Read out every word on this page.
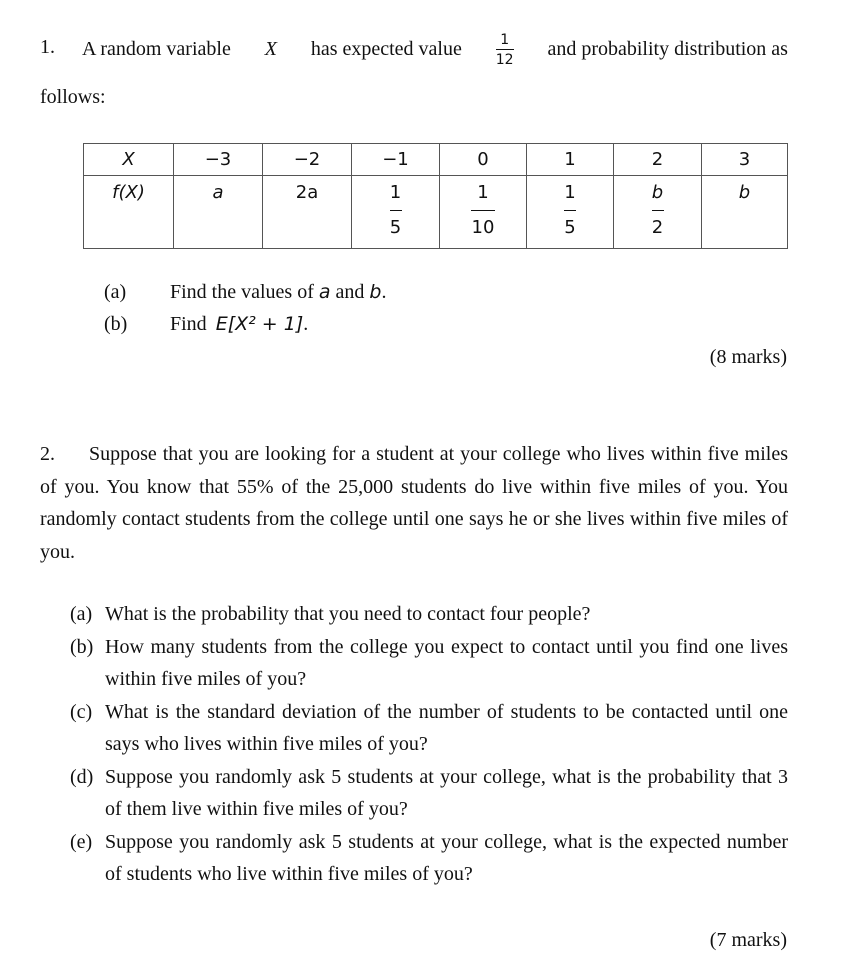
1. A random variable X has expected value $\frac{1}{12}$ and probability distribution as
follows:
X	−3	−2	−1	0	1	2	3
f(X)	a	2a	$\frac{1}{5}$	$\frac{1}{10}$	$\frac{1}{5}$	$\frac{b}{2}$	b
(a) Find the values of a and b.
(b) Find E[X² + 1].
(8 marks)
2. Suppose that you are looking for a student at your college who lives within five miles of you. You know that 55% of the 25,000 students do live within five miles of you. You randomly contact students from the college until one says he or she lives within five miles of you.
(a) What is the probability that you need to contact four people?
(b) How many students from the college you expect to contact until you find one lives within five miles of you?
(c) What is the standard deviation of the number of students to be contacted until one says who lives within five miles of you?
(d) Suppose you randomly ask 5 students at your college, what is the probability that 3 of them live within five miles of you?
(e) Suppose you randomly ask 5 students at your college, what is the expected number of students who live within five miles of you?
(7 marks)
